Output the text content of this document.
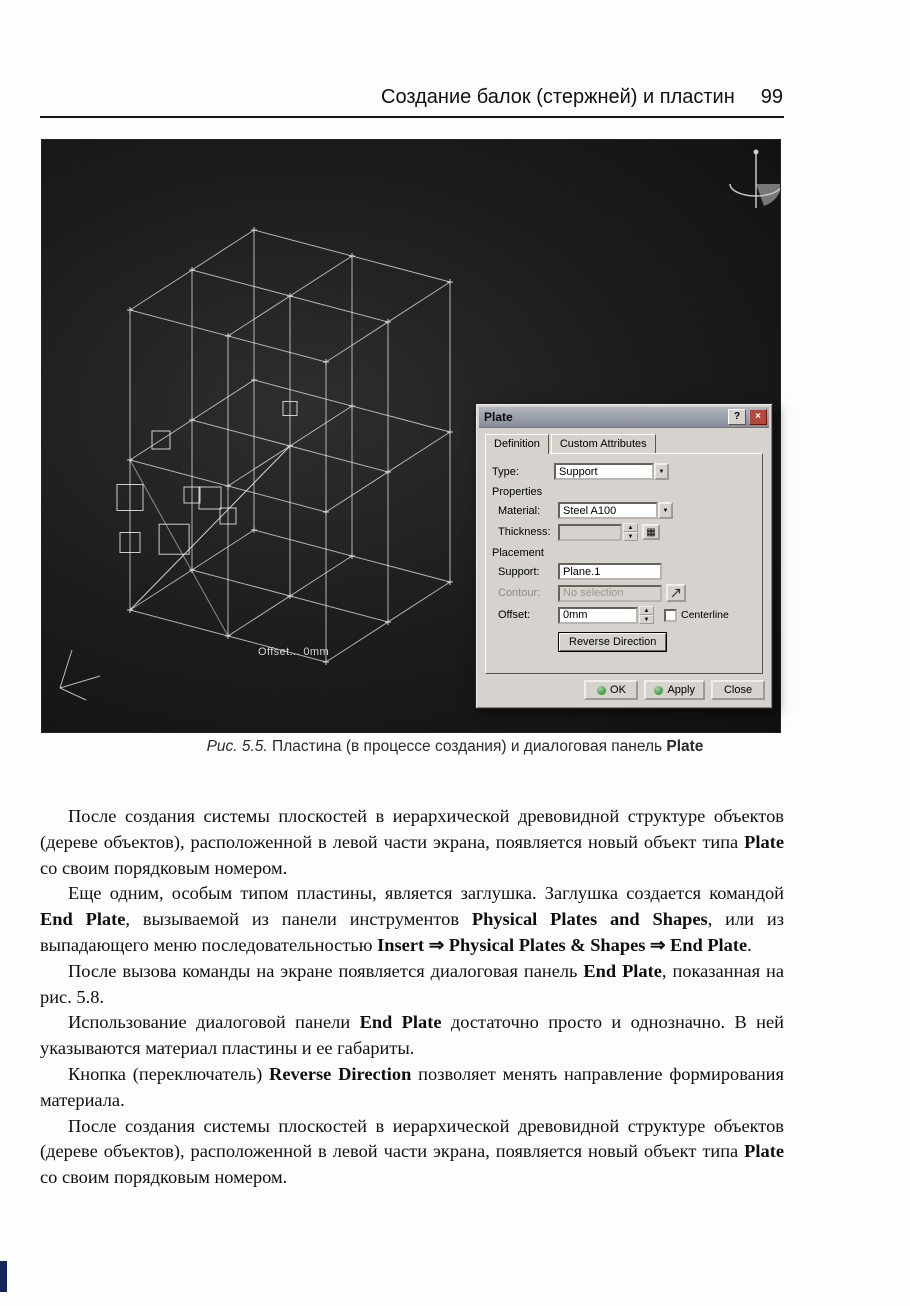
Создание балок (стержней) и пластин 99
Offset... 0mm
Plate	?	×
Definition	Custom Attributes
Type:	Support	▼
Properties
Material:	Steel A100	▼
Thickness:	▲
▼	▦
Placement
Support:	Plane.1
Contour:	No selection
Offset:	0mm	▲
▼	Centerline
Reverse Direction
OK	Apply	Close
Рис. 5.5. Пластина (в процессе создания) и диалоговая панель Plate

После создания системы плоскостей в иерархической древовидной структуре объектов (дереве объектов), расположенной в левой части экрана, появляется новый объект типа Plate со своим порядковым номером.

Еще одним, особым типом пластины, является заглушка. Заглушка создается командой End Plate, вызываемой из панели инструментов Physical Plates and Shapes, или из выпадающего меню последовательностью Insert ⇒ Physical Plates & Shapes ⇒ End Plate.

После вызова команды на экране появляется диалоговая панель End Plate, показанная на рис. 5.8.

Использование диалоговой панели End Plate достаточно просто и однозначно. В ней указываются материал пластины и ее габариты.

Кнопка (переключатель) Reverse Direction позволяет менять направление формирования материала.

После создания системы плоскостей в иерархической древовидной структуре объектов (дереве объектов), расположенной в левой части экрана, появляется новый объект типа Plate со своим порядковым номером.
